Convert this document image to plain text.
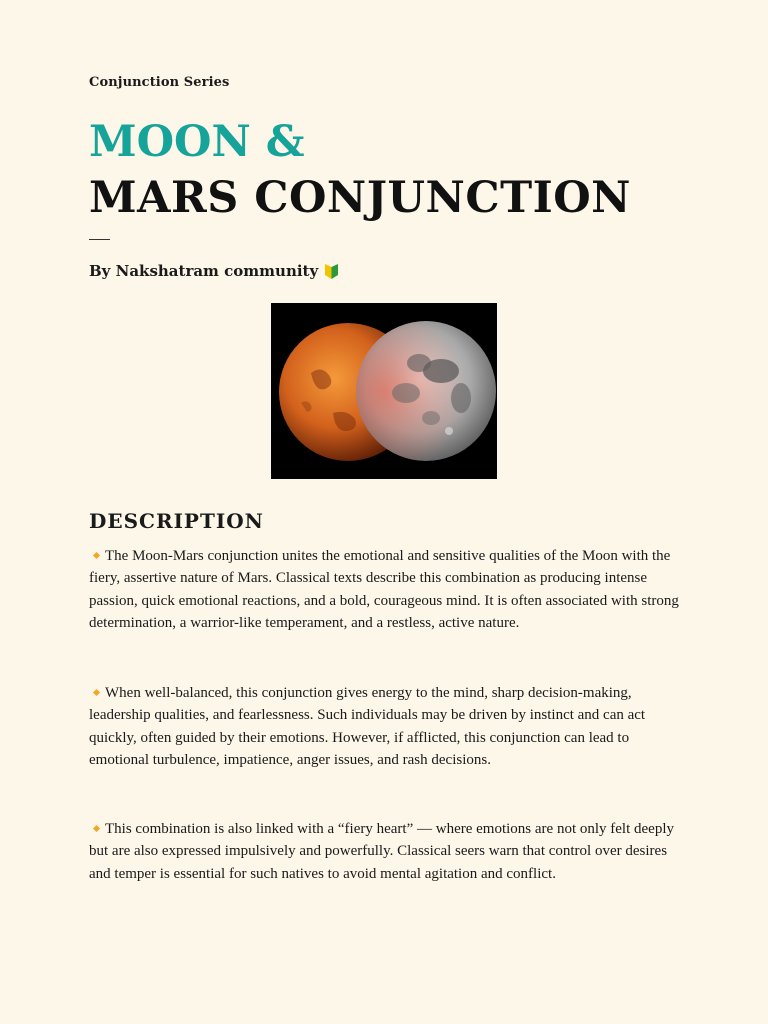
Conjunction Series
MOON &
MARS CONJUNCTION
By Nakshatram community
DESCRIPTION
The Moon-Mars conjunction unites the emotional and sensitive qualities of the Moon with the fiery, assertive nature of Mars. Classical texts describe this combination as producing intense passion, quick emotional reactions, and a bold, courageous mind. It is often associated with strong determination, a warrior-like temperament, and a restless, active nature.
When well-balanced, this conjunction gives energy to the mind, sharp decision-making, leadership qualities, and fearlessness. Such individuals may be driven by instinct and can act quickly, often guided by their emotions. However, if afflicted, this conjunction can lead to emotional turbulence, impatience, anger issues, and rash decisions.
This combination is also linked with a “fiery heart” — where emotions are not only felt deeply but are also expressed impulsively and powerfully. Classical seers warn that control over desires and temper is essential for such natives to avoid mental agitation and conflict.
